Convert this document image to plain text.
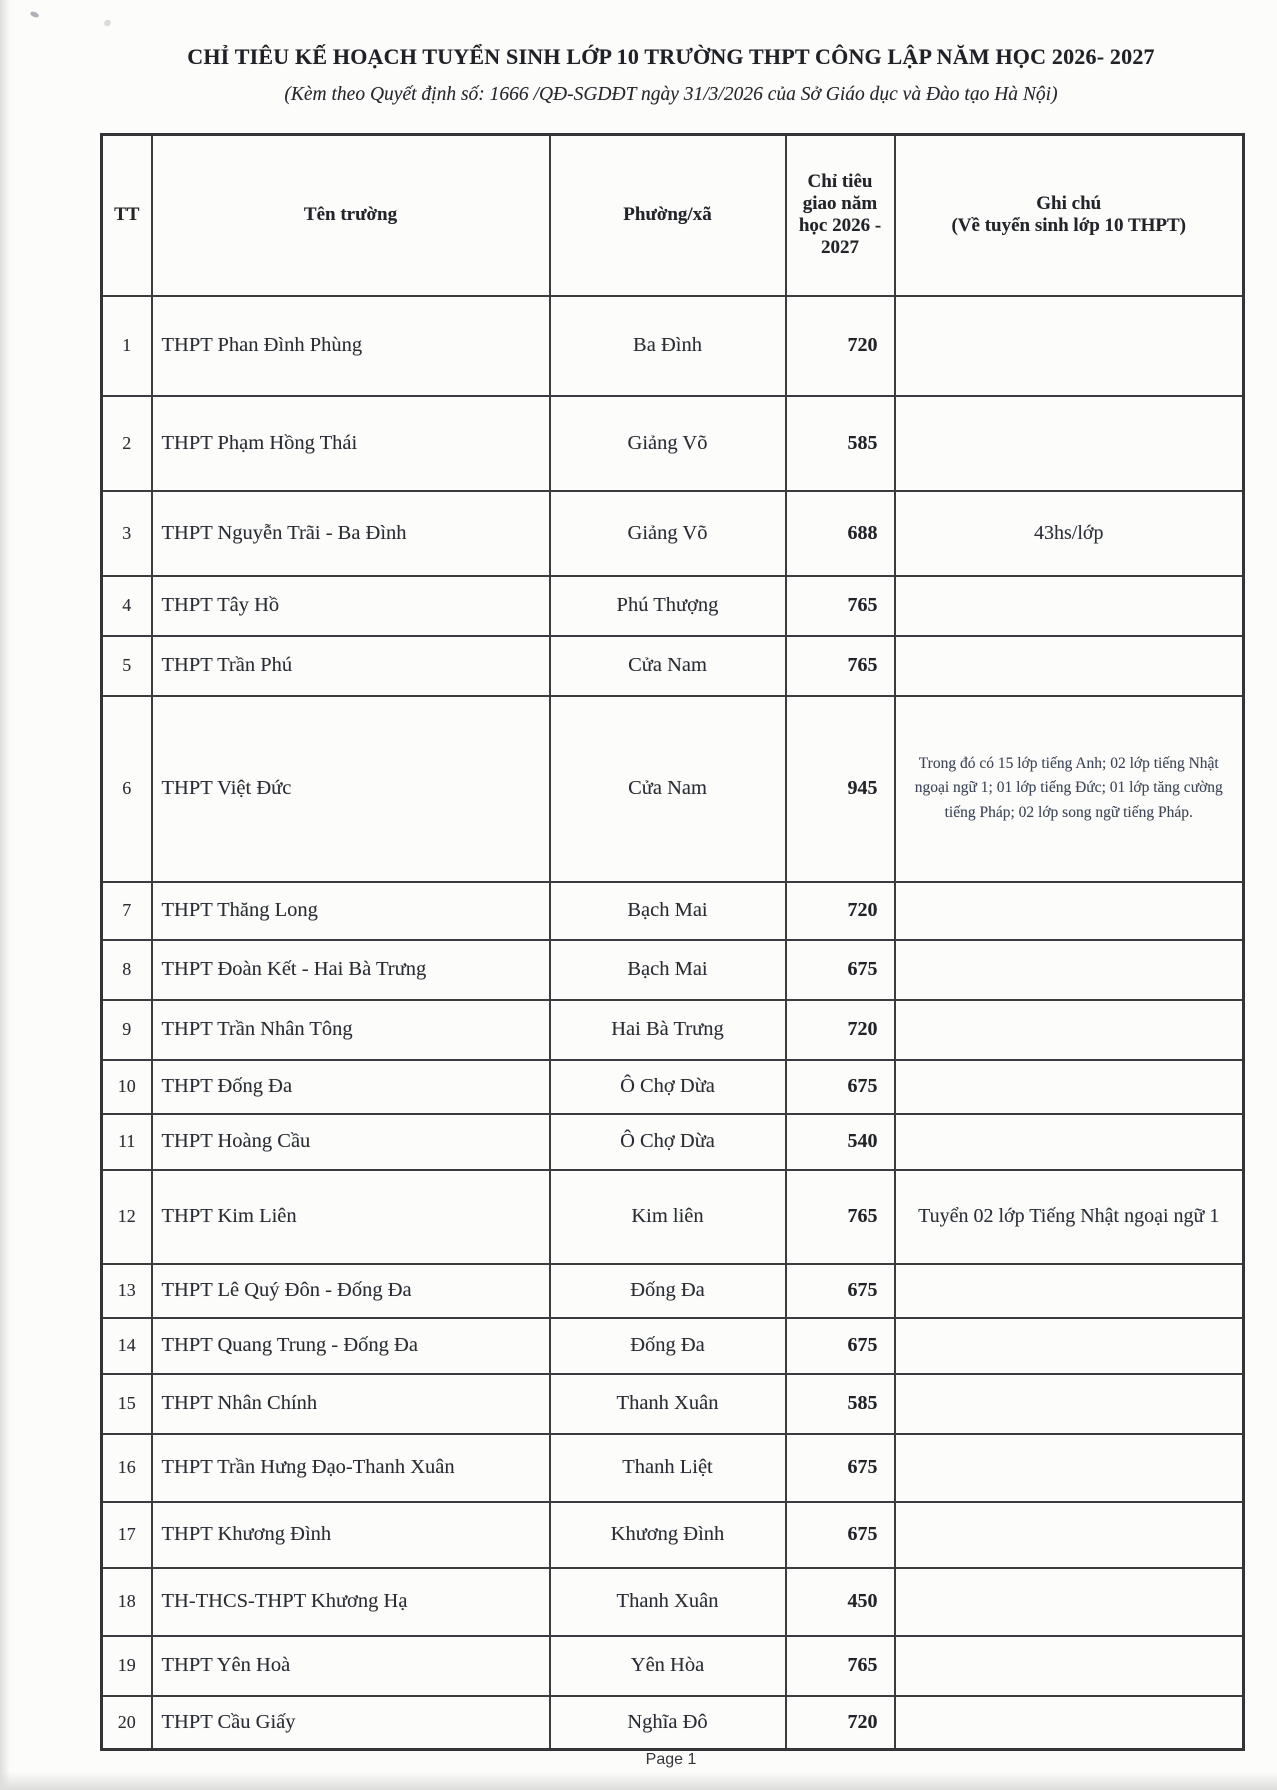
CHỈ TIÊU KẾ HOẠCH TUYỂN SINH LỚP 10 TRƯỜNG THPT CÔNG LẬP NĂM HỌC 2026- 2027
(Kèm theo Quyết định số: 1666 /QĐ-SGDĐT ngày 31/3/2026 của Sở Giáo dục và Đào tạo Hà Nội)
TT	Tên trường	Phường/xã	Chỉ tiêu giao năm học 2026 - 2027	Ghi chú
(Về tuyển sinh lớp 10 THPT)

1	THPT Phan Đình Phùng	Ba Đình	720	
2	THPT Phạm Hồng Thái	Giảng Võ	585	
3	THPT Nguyễn Trãi - Ba Đình	Giảng Võ	688	43hs/lớp
4	THPT Tây Hồ	Phú Thượng	765	
5	THPT Trần Phú	Cửa Nam	765	
6	THPT Việt Đức	Cửa Nam	945	Trong đó có 15 lớp tiếng Anh; 02 lớp tiếng Nhật ngoại ngữ 1; 01 lớp tiếng Đức; 01 lớp tăng cường tiếng Pháp; 02 lớp song ngữ tiếng Pháp.
7	THPT Thăng Long	Bạch Mai	720	
8	THPT Đoàn Kết - Hai Bà Trưng	Bạch Mai	675	
9	THPT Trần Nhân Tông	Hai Bà Trưng	720	
10	THPT Đống Đa	Ô Chợ Dừa	675	
11	THPT Hoàng Cầu	Ô Chợ Dừa	540	
12	THPT Kim Liên	Kim liên	765	Tuyển 02 lớp Tiếng Nhật ngoại ngữ 1
13	THPT Lê Quý Đôn - Đống Đa	Đống Đa	675	
14	THPT Quang Trung - Đống Đa	Đống Đa	675	
15	THPT Nhân Chính	Thanh Xuân	585	
16	THPT Trần Hưng Đạo-Thanh Xuân	Thanh Liệt	675	
17	THPT Khương Đình	Khương Đình	675	
18	TH-THCS-THPT Khương Hạ	Thanh Xuân	450	
19	THPT Yên Hoà	Yên Hòa	765	
20	THPT Cầu Giấy	Nghĩa Đô	720	
Page 1
